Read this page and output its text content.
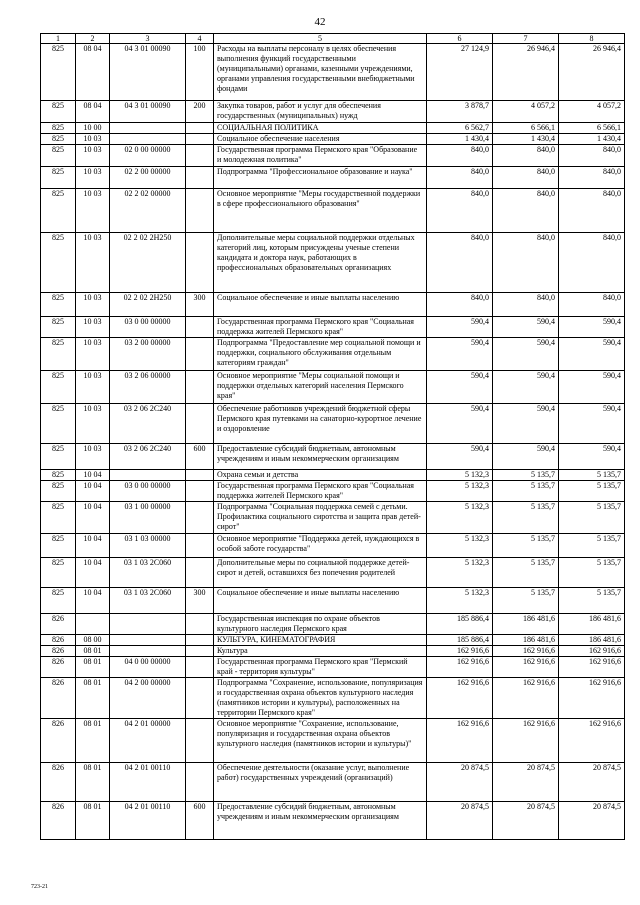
42
1	2	3	4	5	6	7	8
825	08 04	04 3 01 00090	100	Расходы на выплаты персоналу в целях обеспечения выполнения функций государственными (муниципальными) органами, казенными учреждениями, органами управления государственными внебюджетными фондами	27 124,9	26 946,4	26 946,4
825	08 04	04 3 01 00090	200	Закупка товаров, работ и услуг для обеспечения государственных (муниципальных) нужд	3 878,7	4 057,2	4 057,2
825	10 00			СОЦИАЛЬНАЯ ПОЛИТИКА	6 562,7	6 566,1	6 566,1
825	10 03			Социальное обеспечение населения	1 430,4	1 430,4	1 430,4
825	10 03	02 0 00 00000		Государственная программа Пермского края "Образование и молодежная политика"	840,0	840,0	840,0
825	10 03	02 2 00 00000		Подпрограмма "Профессиональное образование и наука"	840,0	840,0	840,0
825	10 03	02 2 02 00000		Основное мероприятие "Меры государственной поддержки в сфере профессионального образования"	840,0	840,0	840,0
825	10 03	02 2 02 2Н250		Дополнительные меры социальной поддержки отдельных категорий лиц, которым присуждены ученые степени кандидата и доктора наук, работающих в профессиональных образовательных организациях	840,0	840,0	840,0
825	10 03	02 2 02 2Н250	300	Социальное обеспечение и иные выплаты населению	840,0	840,0	840,0
825	10 03	03 0 00 00000		Государственная программа Пермского края "Социальная поддержка жителей Пермского края"	590,4	590,4	590,4
825	10 03	03 2 00 00000		Подпрограмма "Предоставление мер социальной помощи и поддержки, социального обслуживания отдельным категориям граждан"	590,4	590,4	590,4
825	10 03	03 2 06 00000		Основное мероприятие "Меры социальной помощи и поддержки отдельных категорий населения Пермского края"	590,4	590,4	590,4
825	10 03	03 2 06 2С240		Обеспечение работников учреждений бюджетной сферы Пермского края путевками на санаторно-курортное лечение и оздоровление	590,4	590,4	590,4
825	10 03	03 2 06 2С240	600	Предоставление субсидий бюджетным, автономным учреждениям и иным некоммерческим организациям	590,4	590,4	590,4
825	10 04			Охрана семьи и детства	5 132,3	5 135,7	5 135,7
825	10 04	03 0 00 00000		Государственная программа Пермского края "Социальная поддержка жителей Пермского края"	5 132,3	5 135,7	5 135,7
825	10 04	03 1 00 00000		Подпрограмма "Социальная поддержка семей с детьми. Профилактика социального сиротства и защита прав детей-сирот"	5 132,3	5 135,7	5 135,7
825	10 04	03 1 03 00000		Основное мероприятие "Поддержка детей, нуждающихся в особой заботе государства"	5 132,3	5 135,7	5 135,7
825	10 04	03 1 03 2С060		Дополнительные меры по социальной поддержке детей-сирот и детей, оставшихся без попечения родителей	5 132,3	5 135,7	5 135,7
825	10 04	03 1 03 2С060	300	Социальное обеспечение и иные выплаты населению	5 132,3	5 135,7	5 135,7
826				Государственная инспекция по охране объектов культурного наследия Пермского края	185 886,4	186 481,6	186 481,6
826	08 00			КУЛЬТУРА, КИНЕМАТОГРАФИЯ	185 886,4	186 481,6	186 481,6
826	08 01			Культура	162 916,6	162 916,6	162 916,6
826	08 01	04 0 00 00000		Государственная программа Пермского края "Пермский край - территория культуры"	162 916,6	162 916,6	162 916,6
826	08 01	04 2 00 00000		Подпрограмма "Сохранение, использование, популяризация и государственная охрана объектов культурного наследия (памятников истории и культуры), расположенных на территории Пермского края"	162 916,6	162 916,6	162 916,6
826	08 01	04 2 01 00000		Основное мероприятие "Сохранение, использование, популяризация и государственная охрана объектов культурного наследия (памятников истории и культуры)"	162 916,6	162 916,6	162 916,6
826	08 01	04 2 01 00110		Обеспечение деятельности (оказание услуг, выполнение работ) государственных учреждений (организаций)	20 874,5	20 874,5	20 874,5
826	08 01	04 2 01 00110	600	Предоставление субсидий бюджетным, автономным учреждениям и иным некоммерческим организациям	20 874,5	20 874,5	20 874,5
723-21
